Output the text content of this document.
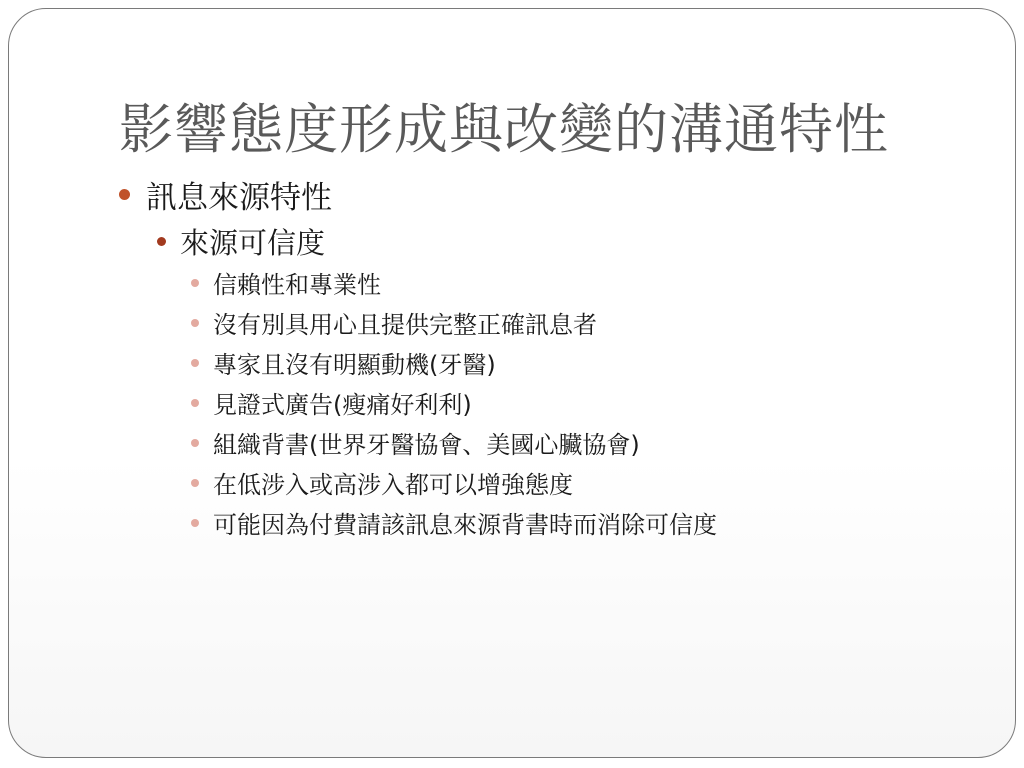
影響態度形成與改變的溝通特性
訊息來源特性
來源可信度
信賴性和專業性
沒有別具用心且提供完整正確訊息者
專家且沒有明顯動機(牙醫)
見證式廣告(瘦痛好利利)
組織背書(世界牙醫協會、美國心臟協會)
在低涉入或高涉入都可以增強態度
可能因為付費請該訊息來源背書時而消除可信度
